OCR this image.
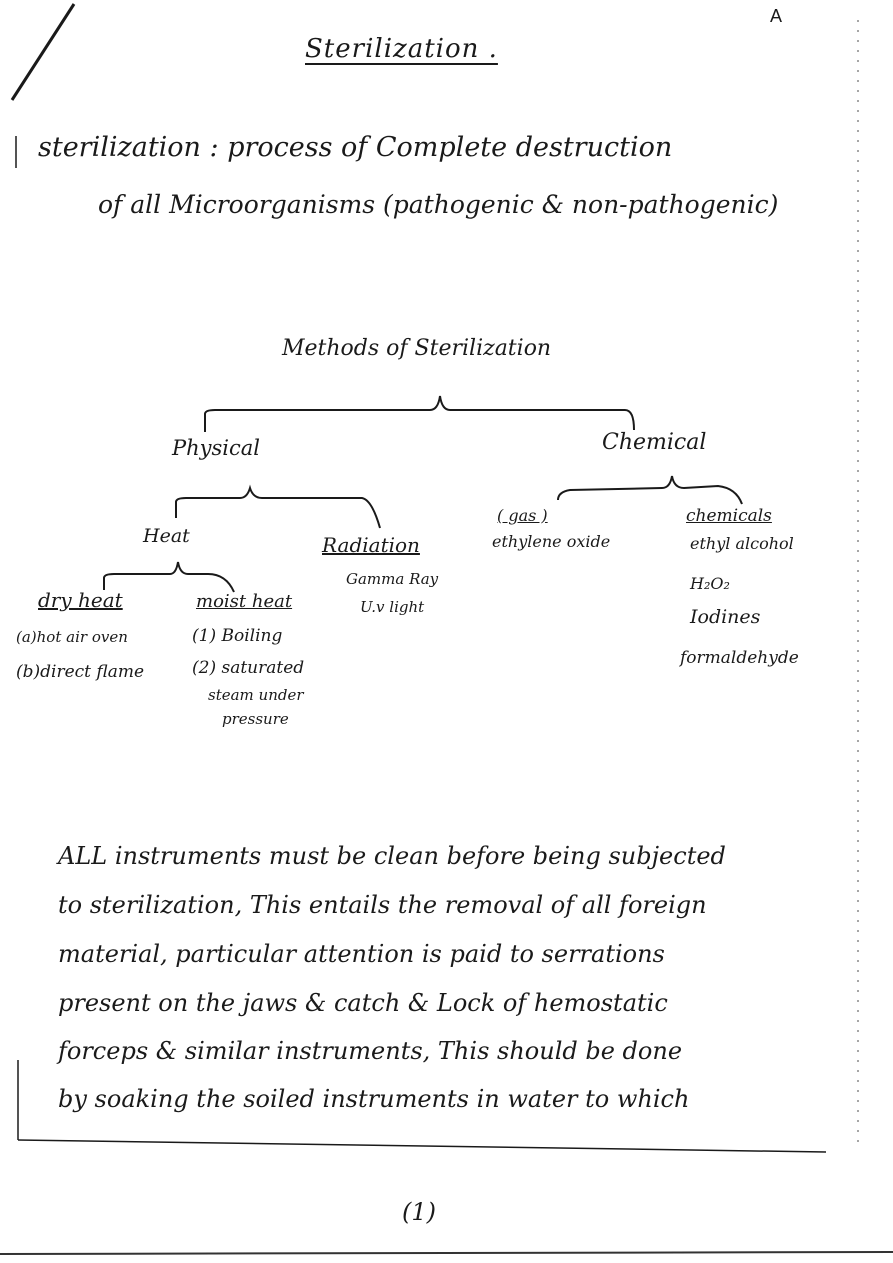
A
Sterilization .
sterilization : process of Complete destruction
of all Microorganisms (pathogenic & non-pathogenic)
Methods of Sterilization
Physical	Chemical
Heat	Radiation
Gamma Ray
U.v light
( gas )
ethylene oxide
chemicals
ethyl alcohol
H₂O₂
Iodines
formaldehyde
dry heat
(a)hot air oven
(b)direct flame
moist heat
(1) Boiling
(2) saturated
steam under
pressure
ALL instruments must be clean before being subjected
to sterilization, This entails the removal of all foreign
material, particular attention is paid to serrations
present on the jaws & catch & Lock of hemostatic
forceps & similar instruments, This should be done
by soaking the soiled instruments in water to which
(1)
